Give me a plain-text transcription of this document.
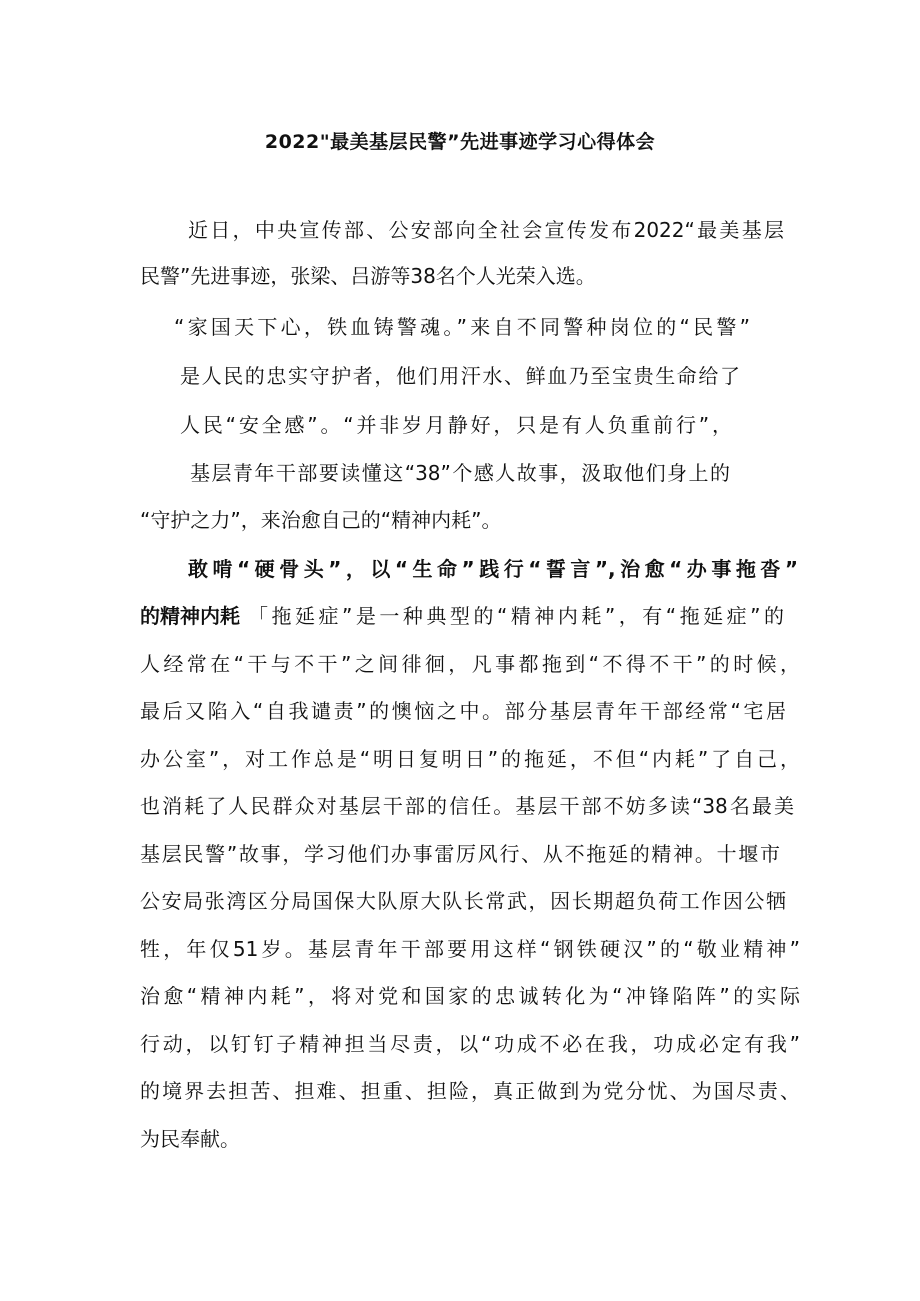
2022"最美基层民警”先进事迹学习心得体会
近日，中央宣传部、公安部向全社会宣传发布2022“最美基层
民警”先进事迹，张梁、吕游等38名个人光荣入选。
“家国天下心，铁血铸警魂。”来自不同警种岗位的“民警”
是人民的忠实守护者，他们用汗水、鲜血乃至宝贵生命给了
人民“安全感”。“并非岁月静好，只是有人负重前行”，
基层青年干部要读懂这“38”个感人故事，汲取他们身上的
“守护之力”，来治愈自己的“精神内耗”。
敢啃“硬骨头”，以“生命”践行“誓言”,治愈“办事拖沓”
的精神内耗 「拖延症”是一种典型的“精神内耗”，有“拖延症”的
人经常在“干与不干”之间徘徊，凡事都拖到“不得不干”的时候，
最后又陷入“自我谴责”的懊恼之中。部分基层青年干部经常“宅居
办公室”，对工作总是“明日复明日”的拖延，不但“内耗”了自己，
也消耗了人民群众对基层干部的信任。基层干部不妨多读“38名最美
基层民警”故事，学习他们办事雷厉风行、从不拖延的精神。十堰市
公安局张湾区分局国保大队原大队长常武，因长期超负荷工作因公牺
牲，年仅51岁。基层青年干部要用这样“钢铁硬汉”的“敬业精神”
治愈“精神内耗”，将对党和国家的忠诚转化为“冲锋陷阵”的实际
行动，以钉钉子精神担当尽责，以“功成不必在我，功成必定有我”
的境界去担苦、担难、担重、担险，真正做到为党分忧、为国尽责、
为民奉献。
